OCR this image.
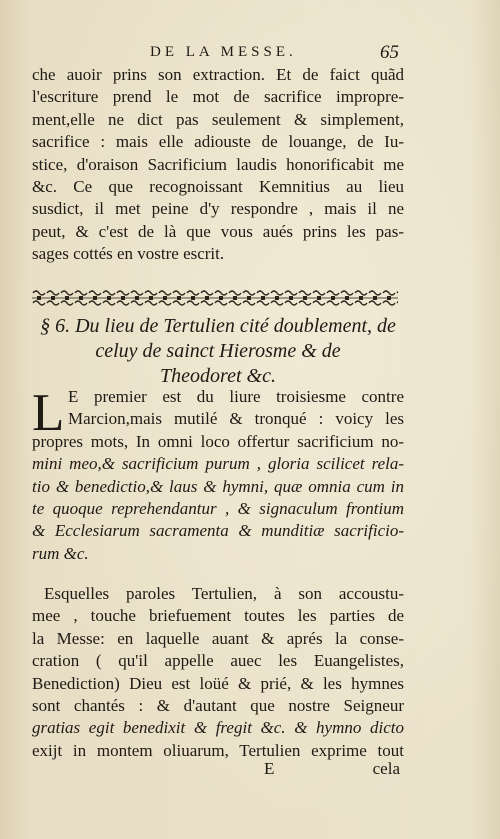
DE LA MESSE.	65
che auoir prins son extraction. Et de faict quãd
l'escriture prend le mot de sacrifice impropre-
ment,elle ne dict pas seulement & simplement,
sacrifice : mais elle adiouste de louange, de Iu-
stice, d'oraison Sacrificium laudis honorificabit me
&c. Ce que recognoissant Kemnitius au lieu
susdict, il met peine d'y respondre , mais il ne
peut, & c'est de là que vous aués prins les pas-
sages cottés en vostre escrit.
§ 6. Du lieu de Tertulien cité doublement, de
celuy de sainct Hierosme & de
Theodoret &c.
L E premier est du liure troisiesme contre
Marcion,mais mutilé & tronqué : voicy les
propres mots, In omni loco offertur sacrificium no-
mini meo,& sacrificium purum , gloria scilicet rela-
tio & benedictio,& laus & hymni, quæ omnia cum in
te quoque reprehendantur , & signaculum frontium
& Ecclesiarum sacramenta & munditiæ sacrificio-
rum &c.
Esquelles paroles Tertulien, à son accoustu-
mee , touche briefuement toutes les parties de
la Messe: en laquelle auant & aprés la conse-
cration ( qu'il appelle auec les Euangelistes,
Benediction) Dieu est loüé & prié, & les hymnes
sont chantés : & d'autant que nostre Seigneur
gratias egit benedixit & fregit &c. & hymno dicto
exijt in montem oliuarum, Tertulien exprime tout
E	cela
